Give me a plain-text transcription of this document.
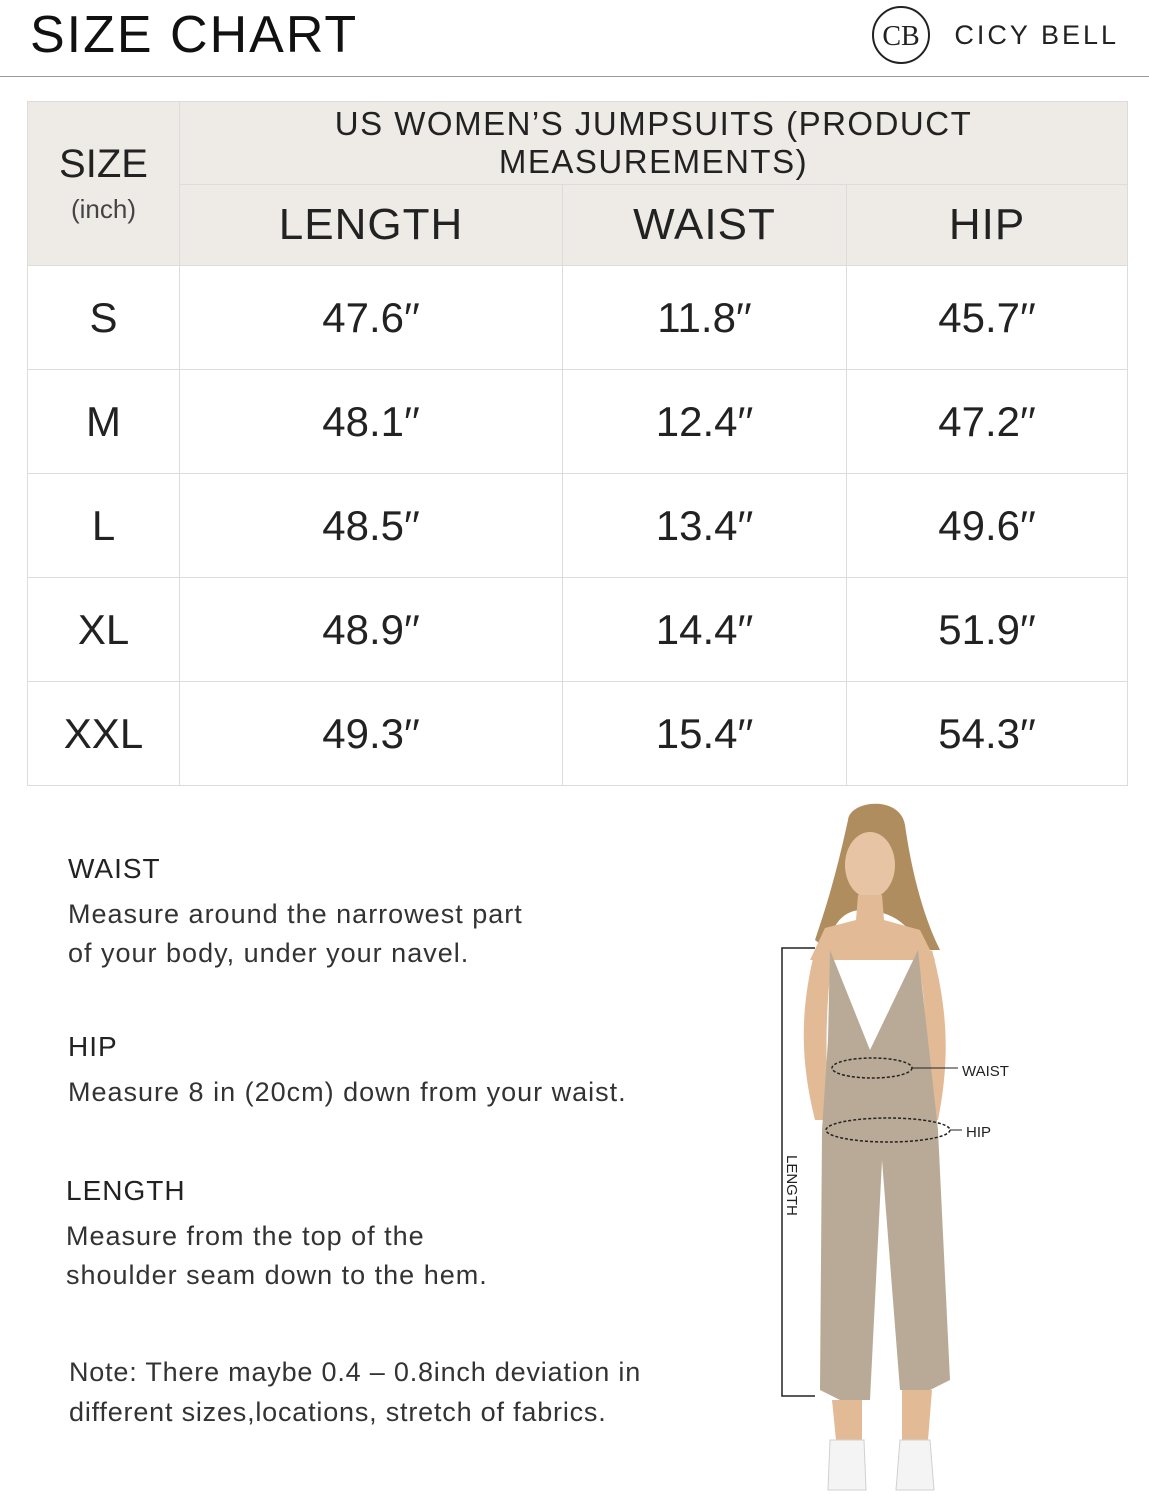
SIZE CHART	CB CICY BELL
SIZE
(inch)	US WOMEN’S JUMPSUITS (PRODUCT MEASUREMENTS)		
	LENGTH	WAIST	HIP
S	47.6′′	11.8′′	45.7′′
M	48.1′′	12.4′′	47.2′′
L	48.5′′	13.4′′	49.6′′
XL	48.9′′	14.4′′	51.9′′
XXL	49.3′′	15.4′′	54.3′′
WAIST
Measure around the narrowest part
of your body, under your navel.
HIP
Measure 8 in (20cm) down from your waist.
LENGTH
Measure from the top of the
shoulder seam down to the hem.
Note: There maybe 0.4 – 0.8inch deviation in
different sizes,locations, stretch of fabrics.
WAIST
HIP
LENGTH
